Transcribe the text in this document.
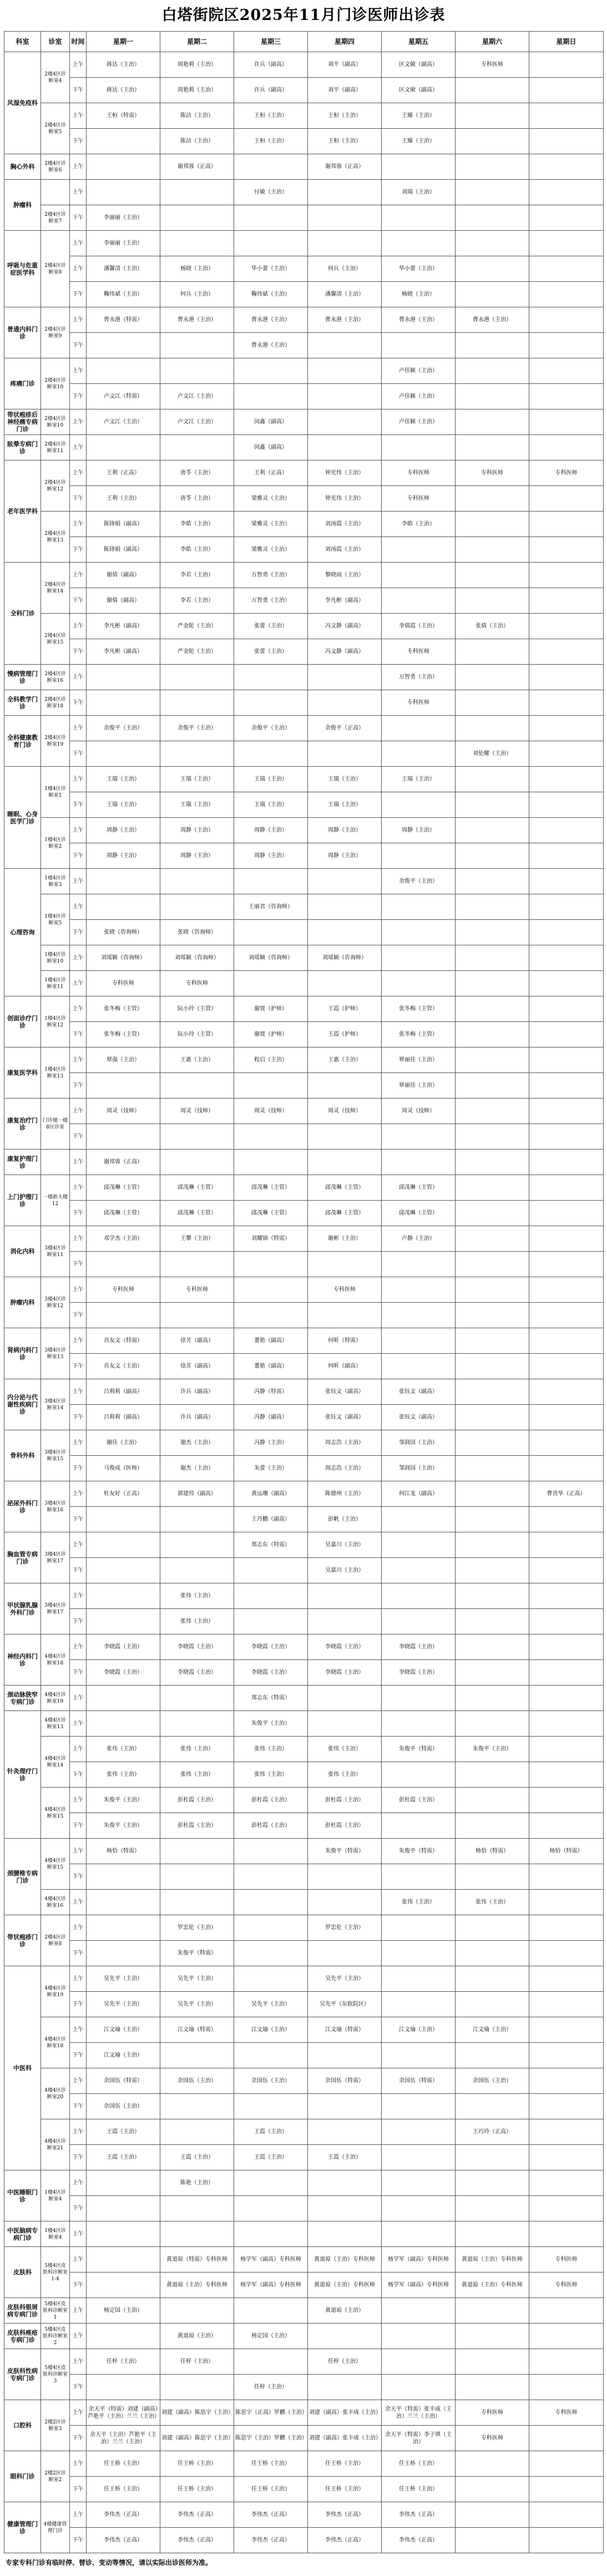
白塔街院区2025年11月门诊医师出诊表
科室	诊室	时间	星期一	星期二	星期三	星期四	星期五	星期六	星期日
风湿免疫科	2楼4区诊断室4	上午	蒋达（主治）	周艳莉（主治）	许兵（副高）	刘平（副高）	区文敏（副高）	专科医师	
		下午	蒋达（主治）	周艳莉（主治）	许兵（副高）	刘平（副高）	区文敏（副高）		
	2楼4区诊断室5	上午	王桓（特需）	陈洁（主治）	王桓（主治）	王桓（主治）	王臻（主治）		
		下午		陈洁（主治）	王桓（主治）	王桓（主治）	王臻（主治）		
胸心外科	2楼4区诊断室6	上午		谢邦蓉（正高）		谢邦蓉（正高）			
肿瘤科		上午			付敏（主治）		刘瑞（主治）		
	2楼4区诊断室7	下午	李丽丽（主治）						
呼吸与危重症医学科	2楼4区诊断室8	上午	李丽丽（主治）						
		上午	潘馨清（主治）	杨晓（主治）	华小蕾（主治）	何兵（主治）	华小蕾（主治）		
		下午	鞠伟斌（主治）	何兵（主治）	鞠伟斌（主治）	潘馨清（主治）	杨晓（主治）		
普通内科门诊	2楼4区诊断室9	上午	曹永港（特需）	曹永港（主治）	曹永港（主治）	曹永港（主治）	曹永港（主治）	曹永港（主治）	
		下午			曹永港（主治）				
疼痛门诊	2楼4区诊断室10	上午					卢佳颖（主治）		
		下午	卢文江（特需）	卢文江（主治）			卢佳颖（主治）		
带状疱疹后神经痛专病门诊	2楼4区诊断室10	上午	卢文江（主治）	卢文江（主治）	闵鑫（副高）		卢佳颖（主治）		
眩晕专病门诊	2楼4区诊断室11	上午			闵鑫（副高）				
老年医学科	2楼4区诊断室12	上午	王利（正高）	唐苓（主治）	王利（正高）	钟光伟（主治）	专科医师	专科医师	专科医师
		下午	王利（主治）	唐苓（主治）	梁雅灵（主治）	钟光伟（主治）	专科医师		
	2楼4区诊断室13	上午	陈锋娟（副高）	李皓（主治）	梁雅灵（主治）	刘汤霞（主治）	李皓（主治）		
		下午	陈锋娟（副高）	李皓（主治）	梁雅灵（主治）	刘汤霞（主治）			
全科门诊	2楼4区诊断室14	上午	谢倩（副高）	李若（主治）	万智勇（主治）	黎晓雨（主治）			
		下午	谢倩（副高）	李若（主治）	万智勇（主治）	李凡彬（副高）			
	2楼4区诊断室15	上午	李凡彬（副高）	严金陀（主治）	张蕾（主治）	冯文静（副高）	李倩霞（主治）	张倩（主治）	
		下午	李凡彬（副高）	严金陀（主治）	张蕾（主治）	冯文静（副高）	专科医师		
慢病管理门诊	2楼4区诊断室16	上午					万智勇（主治）		
全科教学门诊	2楼4区诊断室18	下午					专科医师		
全科健康教育门诊	2楼4区诊断室19	上午	余俊平（主治）	余俊平（主治）	余俊平（主治）	余俊平（正高）			
		下午						刘伦耀（主治）	
睡眠、心身医学门诊	1楼4区诊断室1	上午	王瑞（主治）	王瑞（主治）	王瑞（主治）	王瑞（主治）	王瑞（主治）		
		下午	王瑞（主治）	王瑞（主治）	王瑞（主治）	王瑞（主治）			
	1楼4区诊断室2	上午	周静（主治）	周静（主治）	周静（主治）	周静（主治）	周静（主治）		
		下午	周静（主治）	周静（主治）	周静（主治）	周静（主治）			
心理咨询	1楼4区诊断室3	上午					余俊平（主治）		
	1楼4区诊断室5	上午			王丽君（咨询师）				
		下午	张晓（咨询师）	张晓（咨询师）					
	1楼4区诊断室10	上午	刘瑶颖（咨询师）	刘瑶颖（咨询师）	刘瑶颖（咨询师）	刘瑶颖（咨询师）			
	1楼4区诊断室11	上午	专科医师	专科医师					
创面诊疗门诊	1楼4区诊断室12	上午	张冬梅（主管）	阮小玲（主管）	谢贾（护师）	王霞（护师）	张冬梅（主管）		
		下午	张冬梅（主管）	阮小玲（主管）	谢贾（护师）	王霞（护师）	张冬梅（主管）		
康复医学科	1楼4区诊断室13	上午	覃强（主治）	王惠（主治）	程启（主治）	王惠（主治）	覃丽佳（主治）		
		下午					覃丽佳（主治）		
康复治疗门诊	门诊楼一楼8区诊室	上午	周灵（技师）	周灵（技师）	周灵（技师）	周灵（技师）	周灵（技师）		
		下午							
康复护理门诊		上午	谢邦蓉（正高）						
上门护理门诊	一楼新大楼12	上午	邱茂琳（主管）	邱茂琳（主管）	邱茂琳（主管）	邱茂琳（主管）	邱茂琳（主管）		
		下午	邱茂琳（主管）	邱茂琳（主管）	邱茂琳（主管）	邱茂琳（主管）	邱茂琳（主管）		
消化内科	3楼4区诊断室11	上午	邓学杰（主治）	王攀（主治）	刘耀锦（特需）	谢彬（主治）	卢静（主治）		
		下午							
肿瘤内科	3楼4区诊断室12	上午	专科医师	专科医师		专科医师			
		下午							
肾病内科门诊	3楼4区诊断室13	上午	肖友文（特需）	徐芳（副高）	董艳（副高）	何昕（特需）			
		下午	肖友文（主治）	徐芳（副高）	董艳（副高）	何昕（副高）			
内分泌与代谢性疾病门诊	3楼4区诊断室14	上午	吕莉莉（副高）	许兵（副高）	冯静（特需）	张钰文（副高）	张钰文（副高）		
		下午	吕莉莉（副高）	许兵（副高）	冯静（副高）	张钰文（副高）	张钰文（副高）		
骨科外科	3楼4区诊断室15	上午	谢佳（主治）	谢杰（主治）	冯静（主治）	周志浩（主治）	邹润国（主治）		
		下午	马俊成（医师）	谢杰（主治）	朱蕾（主治）	周志浩（主治）	邹润国（主治）		
泌尿外科门诊	3楼4区诊断室16	上午	杜友好（正高）	郭建伟（副高）	黄远珊（副高）	陈德州（主治）	何江龙（副高）		曹贵华（正高）
		下午			王丹鹏（副高）	彭帆（主治）			
胸血管专病门诊	3楼4区诊断室17	上午			郑志东（特需）	吴嘉川（主治）			
		下午				吴嘉川（主治）			
甲状腺乳腺外科门诊	3楼4区诊断室17	上午		张伟（主治）					
		下午		张伟（主治）					
神经内科门诊	4楼4区诊断室18	上午	李晓霞（主治）	李晓霞（主治）	李晓霞（主治）	李晓霞（主治）	李晓霞（主治）		
		下午	李晓霞（主治）	李晓霞（主治）	李晓霞（主治）	李晓霞（主治）	李晓霞（主治）		
颈动脉狭窄专病门诊	4楼4区诊断室19	上午			郑志东（特需）				
针灸理疗门诊	4楼4区诊断室13	上午			朱俊平（主治）				
	4楼4区诊断室14	上午	张伟（主治）	张伟（主治）	张伟（主治）	张伟（主治）	朱俊平（特需）	朱俊平（主治）	
		下午	张伟（主治）	张伟（主治）	张伟（主治）	张伟（主治）			
	4楼4区诊断室15	上午	朱俊平（主治）	彭杜霞（主治）	彭杜霞（主治）	彭杜霞（主治）	彭杜霞（主治）		
		下午	朱俊平（主治）	彭杜霞（主治）	彭杜霞（主治）	彭杜霞（主治）			
颈腰椎专病门诊	4楼4区诊断室15	上午	杨恰（特需）			朱俊平（特需）	朱俊平（特需）	杨恰（特需）	杨恰（特需）
		下午							
	4楼4区诊断室16	上午					张伟（主治）	张伟（主治）	
带状疱疹门诊	2楼4区诊断室8	上午		罗忠伦（主治）		罗忠伦（主治）			
		下午		朱俊平（特需）					
中医科	4楼4区诊断室19	上午	吴先平（主治）	吴先平（主治）		吴先平（主治）			
		下午	吴先平（主治）	吴先平（主治）	吴先平（主治）	吴先平（东软院区）			
	4楼4区诊断室18	上午	江文瑜（主治）	江文瑜（特需）	江文瑜（主治）	江文瑜（特需）	江文瑜（主治）	江文瑜（主治）	
		下午	江文瑜（主治）						
	4楼4区诊断室20	上午	余国伍（特需）	余国伍（主治）	余国伍（主治）	余国伍（特需）	余国伍（特需）	余国伍（主治）	
		下午	余国伍（主治）						
	4楼4区诊断室21	上午	王霞（主治）		王霞（主治）			王巧玲（正高）	
		下午	王霞（主治）	王霞（主治）	王霞（主治）	王霞（主治）			
中医睡眠门诊	1楼4区诊断室4	上午		陈艳（主治）					
		下午							
中医脑病专病门诊	1楼4区诊断室4	上午							
皮肤科	5楼4区皮肤科诊断室1-4	上午		黄道琼（特需）专科医师	杨学军（副高）专科医师	黄道琼（主治）专科医师	杨学军（副高）专科医师	黄道琼（主治）专科医师	专科医师
		下午		黄道琼（主治）专科医师	杨学军（副高）专科医师	黄道琼（主治）专科医师	杨学军（副高）专科医师	黄道琼（主治）专科医师	专科医师
皮肤科银屑病专病门诊	5楼4区皮肤科诊断室1	上午	杨定国（主治）			黄道琼（主治）			
皮肤科痤疮专病门诊	5楼4区皮肤科诊断室2	上午		黄道琼（主治）	杨定国（主治）				
皮肤科性病专病门诊	5楼4区皮肤科诊断室3	上午	任梓（主治）	任梓（主治）		任梓（主治）			
		下午			任梓（主治）				
口腔科	2楼2区诊断室3	上午	余天平（特需）刘建（副高）芦艳平（主治）兰兰（主治）	刘建（副高）陈思宇（主治）	陈思宇（正高）罗鹏（主治）	刘建（副高）张丰成（主治）	余天平（特需）张丰成（主治）兰兰（主治）	专科医师	专科医师
		下午	余天平（主治）芦艳平（主治）兰兰（主治）	刘建（副高）陈思宇（主治）	陈思宇（主治）罗鹏（主治）	刘建（副高）张丰成（主治）	余天平（特需）李子琪（主治）	专科医师	
眼科门诊	2楼2区诊断室2	上午	任王桥（主治）	任王桥（主治）	任王桥（主治）	任王桥（主治）	任王桥（主治）		
		下午	任王桥（主治）	任王桥（主治）	任王桥（主治）	任王桥（主治）	任王桥（主治）		
健康管理门诊	4楼健康管理门诊	上午	李伟杰（正高）	李伟杰（正高）	李伟杰（正高）	李伟杰（正高）	李伟杰（正高）		
		下午	李伟杰（正高）	李伟杰（正高）	李伟杰（正高）	李伟杰（正高）	李伟杰（正高）		
专家专科门诊有临时停、替诊、变动等情况，请以实际出诊医师为准。
